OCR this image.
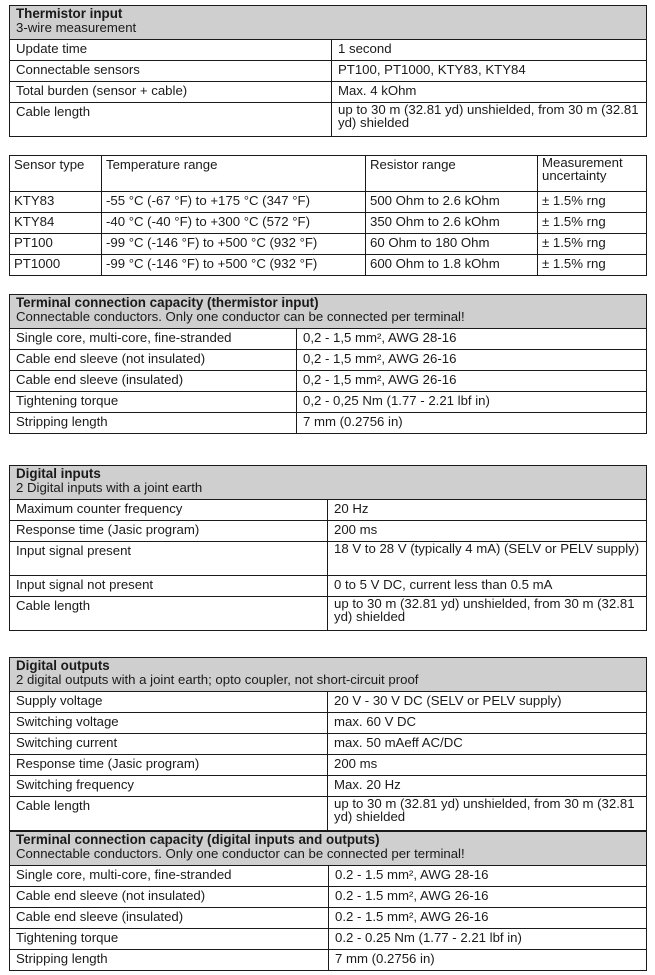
Thermistor input
3-wire measurement	

Update time	1 second
Connectable sensors	PT100, PT1000, KTY83, KTY84
Total burden (sensor + cable)	Max. 4 kOhm
Cable length	up to 30 m (32.81 yd) unshielded, from 30 m (32.81 yd) shielded
Sensor type	Temperature range	Resistor range	Measurement uncertainty

KTY83	-55 °C (-67 °F) to +175 °C (347 °F)	500 Ohm to 2.6 kOhm	± 1.5% rng
KTY84	-40 °C (-40 °F) to +300 °C (572 °F)	350 Ohm to 2.6 kOhm	± 1.5% rng
PT100	-99 °C (-146 °F) to +500 °C (932 °F)	60 Ohm to 180 Ohm	± 1.5% rng
PT1000	-99 °C (-146 °F) to +500 °C (932 °F)	600 Ohm to 1.8 kOhm	± 1.5% rng
Terminal connection capacity (thermistor input)
Connectable conductors. Only one conductor can be connected per terminal!	

Single core, multi-core, fine-stranded	0,2 - 1,5 mm², AWG 28-16
Cable end sleeve (not insulated)	0,2 - 1,5 mm², AWG 26-16
Cable end sleeve (insulated)	0,2 - 1,5 mm², AWG 26-16
Tightening torque	0,2 - 0,25 Nm (1.77 - 2.21 lbf in)
Stripping length	7 mm (0.2756 in)
Digital inputs
2 Digital inputs with a joint earth	

Maximum counter frequency	20 Hz
Response time (Jasic program)	200 ms
Input signal present	18 V to 28 V (typically 4 mA) (SELV or PELV supply)

Input signal not present	0 to 5 V DC, current less than 0.5 mA
Cable length	up to 30 m (32.81 yd) unshielded, from 30 m (32.81 yd) shielded
Digital outputs
2 digital outputs with a joint earth; opto coupler, not short-circuit proof	

Supply voltage	20 V - 30 V DC (SELV or PELV supply)
Switching voltage	max. 60 V DC
Switching current	max. 50 mAeff AC/DC
Response time (Jasic program)	200 ms
Switching frequency	Max. 20 Hz
Cable length	up to 30 m (32.81 yd) unshielded, from 30 m (32.81 yd) shielded
Terminal connection capacity (digital inputs and outputs)
Connectable conductors. Only one conductor can be connected per terminal!	

Single core, multi-core, fine-stranded	0.2 - 1.5 mm², AWG 28-16
Cable end sleeve (not insulated)	0.2 - 1.5 mm², AWG 26-16
Cable end sleeve (insulated)	0.2 - 1.5 mm², AWG 26-16
Tightening torque	0.2 - 0.25 Nm (1.77 - 2.21 lbf in)
Stripping length	7 mm (0.2756 in)
